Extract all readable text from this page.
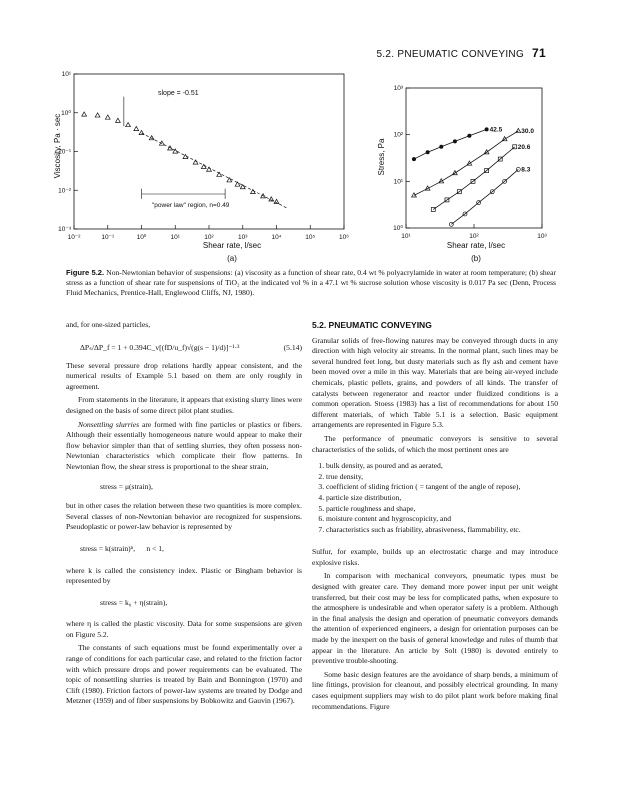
5.2. PNEUMATIC CONVEYING 71
10⁻²	10⁻¹	10⁰	10¹	10²	10³	10⁴	10⁵	10⁶
10⁻³
10⁻²
10⁻¹
10⁰
10¹
Shear rate, l/sec
(a)
Viscosity, Pa · sec
slope = -0.51
"power law" region, n=0.49
10¹	10²	10³
10⁰
10¹
10²
10³
42.5	30.0
20.6
8.3
Shear rate, l/sec
(b)
Stress, Pa
Figure 5.2. Non-Newtonian behavior of suspensions: (a) viscosity as a function of shear rate, 0.4 wt % polyacrylamide in water at room temperature; (b) shear stress as a function of shear rate for suspensions of TiO₂ at the indicated vol % in a 47.1 wt % sucrose solution whose viscosity is 0.017 Pa sec (Denn, Process Fluid Mechanics, Prentice-Hall, Englewood Cliffs, NJ, 1980).

and, for one-sized particles,

ΔPₛ/ΔP_f = 1 + 0.394C_v[(fD/u_f)√(g(s − 1)/d)]⁻¹·³	(5.14)

These several pressure drop relations hardly appear consistent, and the numerical results of Example 5.1 based on them are only roughly in agreement.

From statements in the literature, it appears that existing slurry lines were designed on the basis of some direct pilot plant studies.

Nonsettling slurries are formed with fine particles or plastics or fibers. Although their essentially homogeneous nature would appear to make their flow behavior simpler than that of settling slurries, they often possess non-Newtonian characteristics which complicate their flow patterns. In Newtonian flow, the shear stress is proportional to the shear strain,

stress = μ(strain),

but in other cases the relation between these two quantities is more complex. Several classes of non-Newtonian behavior are recognized for suspensions. Pseudoplastic or power-law behavior is represented by

stress = k(strain)ⁿ,      n < 1,

where k is called the consistency index. Plastic or Bingham behavior is represented by

stress = k₀ + η(strain),

where η is called the plastic viscosity. Data for some suspensions are given on Figure 5.2.

The constants of such equations must be found experimentally over a range of conditions for each particular case, and related to the friction factor with which pressure drops and power requirements can be evaluated. The topic of nonsettling slurries is treated by Bain and Bonnington (1970) and Clift (1980). Friction factors of power-law systems are treated by Dodge and Metzner (1959) and of fiber suspensions by Bobkowitz and Gauvin (1967).

5.2. PNEUMATIC CONVEYING

Granular solids of free-flowing natures may be conveyed through ducts in any direction with high velocity air streams. In the normal plant, such lines may be several hundred feet long, but dusty materials such as fly ash and cement have been moved over a mile in this way. Materials that are being air-veyed include chemicals, plastic pellets, grains, and powders of all kinds. The transfer of catalysts between regenerator and reactor under fluidized conditions is a common operation. Stoess (1983) has a list of recommendations for about 150 different materials, of which Table 5.1 is a selection. Basic equipment arrangements are represented in Figure 5.3.

The performance of pneumatic conveyors is sensitive to several characteristics of the solids, of which the most pertinent ones are

1. bulk density, as poured and as aerated,
2. true density,
3. coefficient of sliding friction ( = tangent of the angle of repose),
4. particle size distribution,
5. particle roughness and shape,
6. moisture content and hygroscopicity, and
7. characteristics such as friability, abrasiveness, flammability, etc.

Sulfur, for example, builds up an electrostatic charge and may introduce explosive risks.

In comparison with mechanical conveyors, pneumatic types must be designed with greater care. They demand more power input per unit weight transferred, but their cost may be less for complicated paths, when exposure to the atmosphere is undesirable and when operator safety is a problem. Although in the final analysis the design and operation of pneumatic conveyors demands the attention of experienced engineers, a design for orientation purposes can be made by the inexpert on the basis of general knowledge and rules of thumb that appear in the literature. An article by Solt (1980) is devoted entirely to preventive trouble-shooting.

Some basic design features are the avoidance of sharp bends, a minimum of line fittings, provision for cleanout, and possibly electrical grounding. In many cases equipment suppliers may wish to do pilot plant work before making final recommendations. Figure
